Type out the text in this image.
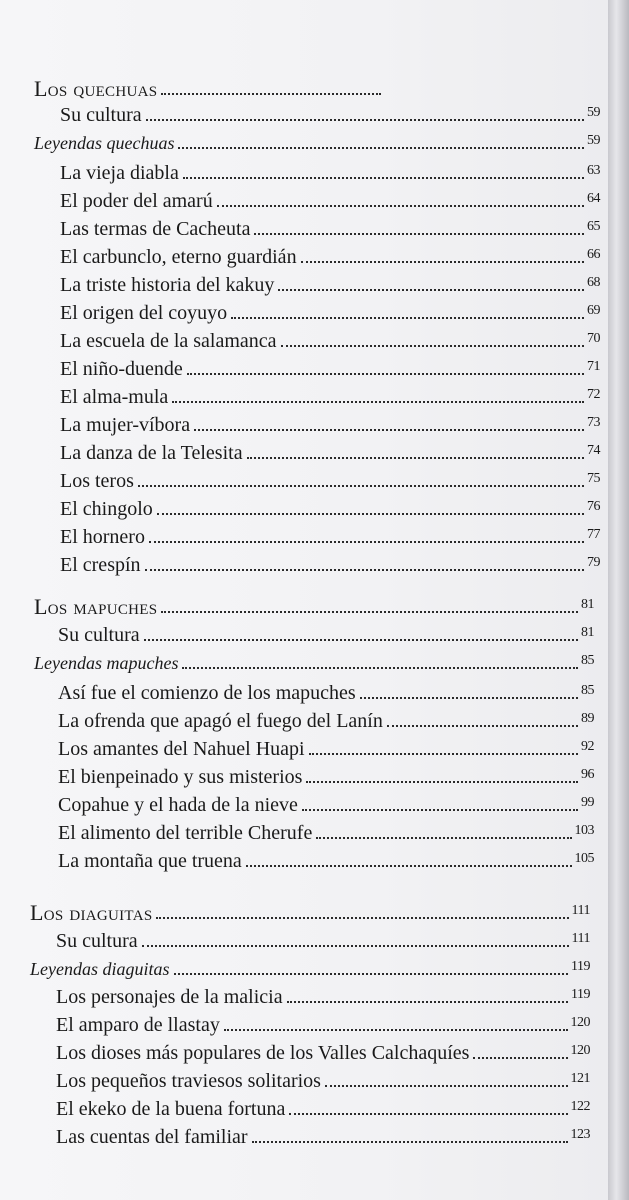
Los quechuas
Su cultura	59
Leyendas quechuas	59
La vieja diabla	63
El poder del amarú	64
Las termas de Cacheuta	65
El carbunclo, eterno guardián	66
La triste historia del kakuy	68
El origen del coyuyo	69
La escuela de la salamanca	70
El niño-duende	71
El alma-mula	72
La mujer-víbora	73
La danza de la Telesita	74
Los teros	75
El chingolo	76
El hornero	77
El crespín	79
Los mapuches	81
Su cultura	81
Leyendas mapuches	85
Así fue el comienzo de los mapuches	85
La ofrenda que apagó el fuego del Lanín	89
Los amantes del Nahuel Huapi	92
El bienpeinado y sus misterios	96
Copahue y el hada de la nieve	99
El alimento del terrible Cherufe	103
La montaña que truena	105
Los diaguitas	111
Su cultura	111
Leyendas diaguitas	119
Los personajes de la malicia	119
El amparo de llastay	120
Los dioses más populares de los Valles Calchaquíes	120
Los pequeños traviesos solitarios	121
El ekeko de la buena fortuna	122
Las cuentas del familiar	123
